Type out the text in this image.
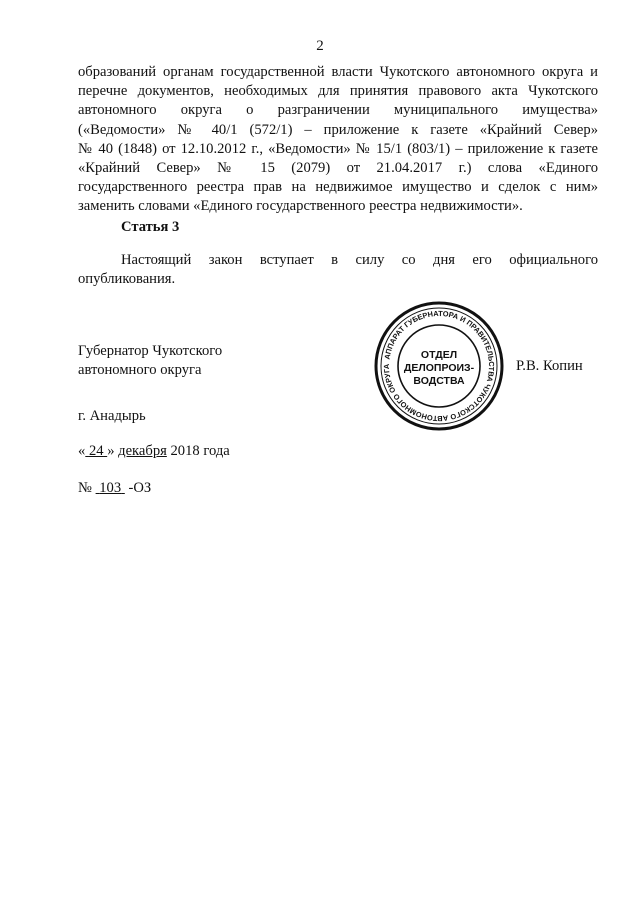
2
образований органам государственной власти Чукотского автономного округа и
перечне документов, необходимых для принятия правового акта Чукотского
автономного округа о разграничении муниципального имущества»
(«Ведомости» № 40/1 (572/1) – приложение к газете «Крайний Север»
№ 40 (1848) от 12.10.2012 г., «Ведомости» № 15/1 (803/1) – приложение к газете
«Крайний Север» № 15 (2079) от 21.04.2017 г.) слова «Единого
государственного реестра прав на недвижимое имущество и сделок с ним»
заменить словами «Единого государственного реестра недвижимости».
Статья 3
Настоящий закон вступает в силу со дня его официального
опубликования.
Губернатор Чукотского
автономного округа
АППАРАТ ГУБЕРНАТОРА И ПРАВИТЕЛЬСТВА ЧУКОТСКОГО АВТОНОМНОГО ОКРУГА
ОТДЕЛ
ДЕЛОПРОИЗ-
ВОДСТВА
Р.В. Копин
г. Анадырь
« 24 » декабря 2018 года
№ 103 -ОЗ
